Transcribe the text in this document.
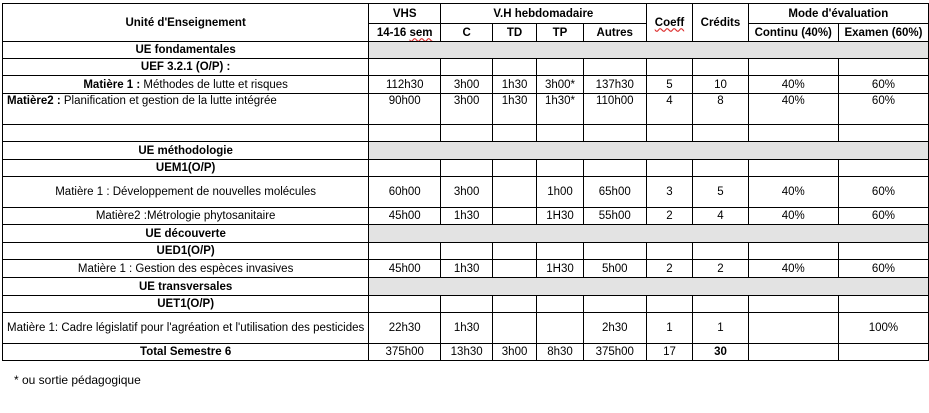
Unité d'Enseignement	VHS	V.H hebdomadaire				Coeff	Crédits	Mode d'évaluation	
	14-16 sem	C	TD	TP	Autres			Continu (40%)	Examen (60%)
UE fondamentales									
UEF 3.2.1 (O/P) :									
Matière 1 : Méthodes de lutte et risques	112h30	3h00	1h30	3h00*	137h30	5	10	40%	60%
Matière2 : Planification et gestion de la lutte intégrée	90h00	3h00	1h30	1h30*	110h00	4	8	40%	60%

UE méthodologie									
UEM1(O/P)									
Matière 1 : Développement de nouvelles molécules	60h00	3h00		1h00	65h00	3	5	40%	60%
Matière2 :Métrologie phytosanitaire	45h00	1h30		1H30	55h00	2	4	40%	60%
UE découverte									
UED1(O/P)									
Matière 1 : Gestion des espèces invasives	45h00	1h30		1H30	5h00	2	2	40%	60%
UE transversales									
UET1(O/P)									
Matière 1: Cadre législatif pour l'agréation et l'utilisation des pesticides	22h30	1h30			2h30	1	1		100%
Total Semestre 6	375h00	13h30	3h00	8h30	375h00	17	30		
* ou sortie pédagogique
